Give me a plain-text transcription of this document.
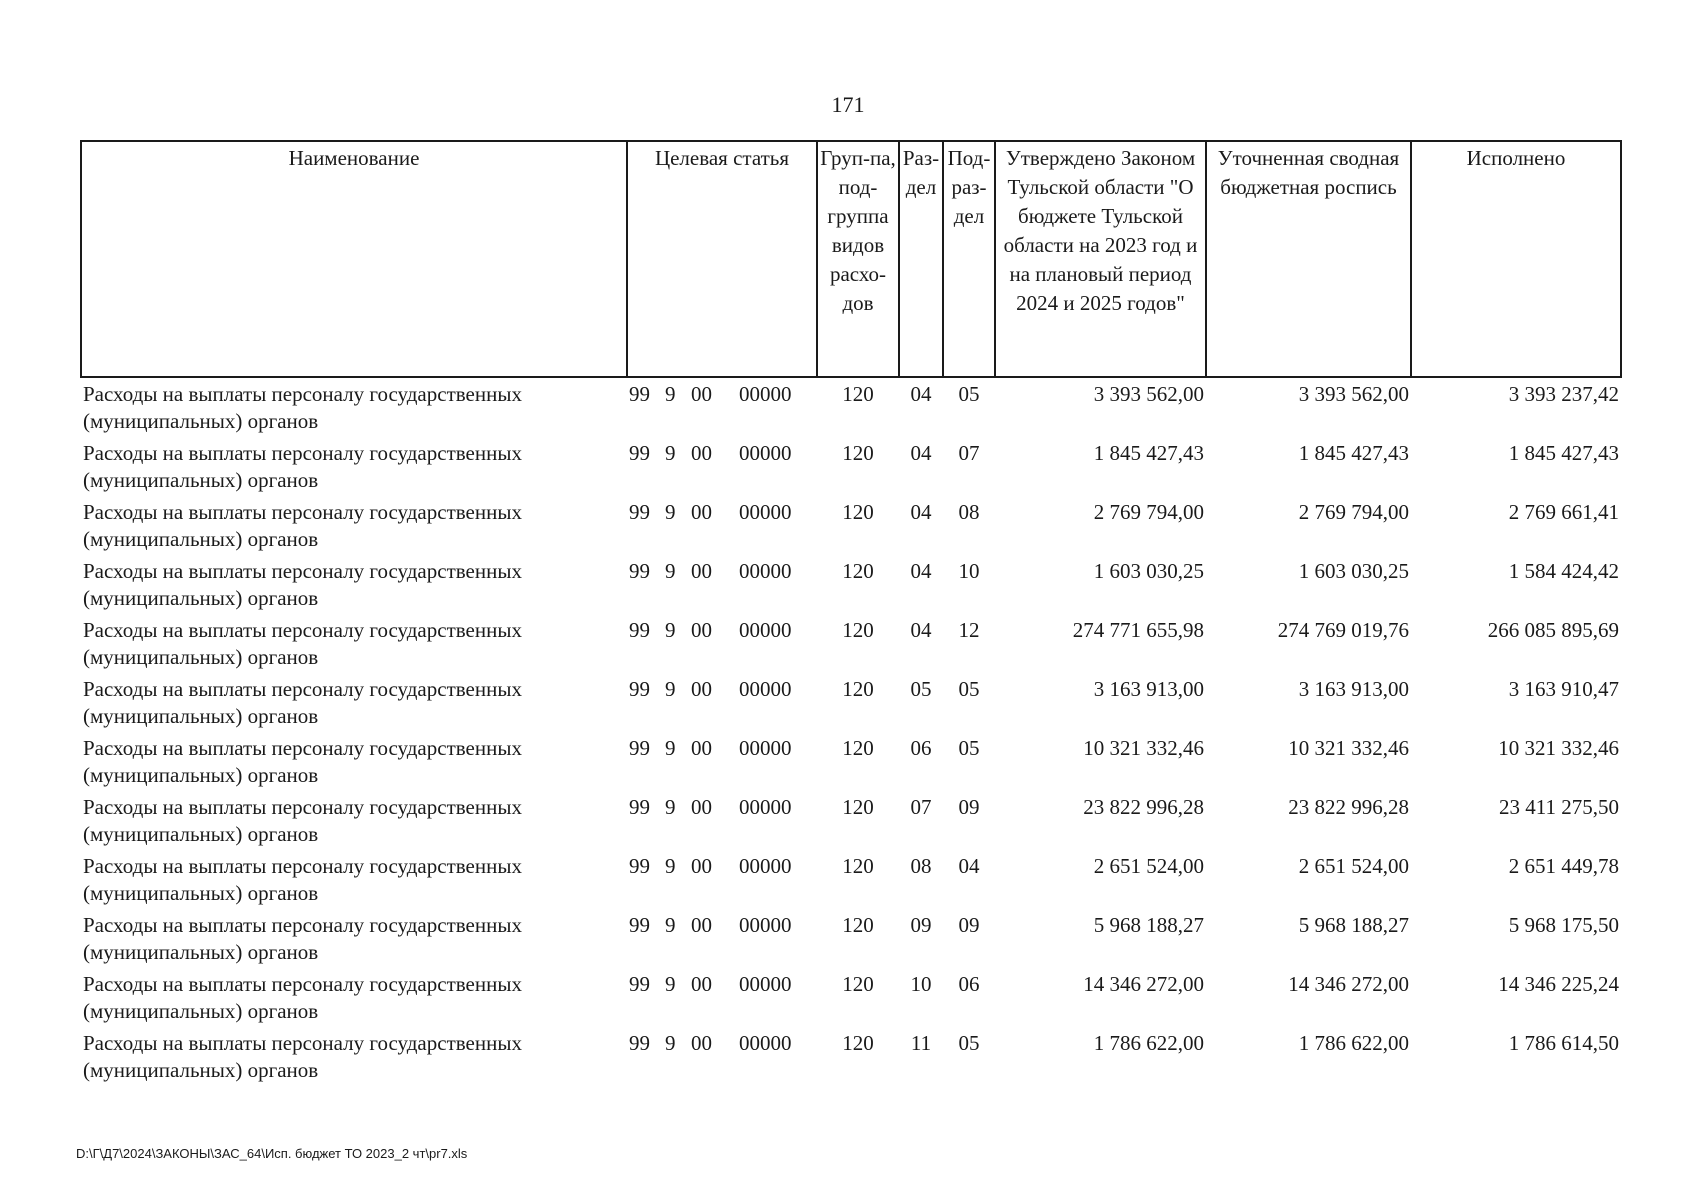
171
Наименование	Целевая статья	Груп-па, под-группа видов расхо-дов	Раз-дел	Под-раз-дел	Утверждено Законом Тульской области "О бюджете Тульской области на 2023 год и на плановый период 2024 и 2025 годов"	Уточненная сводная бюджетная роспись	Исполнено
Расходы на выплаты персоналу государственных (муниципальных) органов	99 9 00 00000	120	04	05	3 393 562,00	3 393 562,00	3 393 237,42
Расходы на выплаты персоналу государственных (муниципальных) органов	99 9 00 00000	120	04	07	1 845 427,43	1 845 427,43	1 845 427,43
Расходы на выплаты персоналу государственных (муниципальных) органов	99 9 00 00000	120	04	08	2 769 794,00	2 769 794,00	2 769 661,41
Расходы на выплаты персоналу государственных (муниципальных) органов	99 9 00 00000	120	04	10	1 603 030,25	1 603 030,25	1 584 424,42
Расходы на выплаты персоналу государственных (муниципальных) органов	99 9 00 00000	120	04	12	274 771 655,98	274 769 019,76	266 085 895,69
Расходы на выплаты персоналу государственных (муниципальных) органов	99 9 00 00000	120	05	05	3 163 913,00	3 163 913,00	3 163 910,47
Расходы на выплаты персоналу государственных (муниципальных) органов	99 9 00 00000	120	06	05	10 321 332,46	10 321 332,46	10 321 332,46
Расходы на выплаты персоналу государственных (муниципальных) органов	99 9 00 00000	120	07	09	23 822 996,28	23 822 996,28	23 411 275,50
Расходы на выплаты персоналу государственных (муниципальных) органов	99 9 00 00000	120	08	04	2 651 524,00	2 651 524,00	2 651 449,78
Расходы на выплаты персоналу государственных (муниципальных) органов	99 9 00 00000	120	09	09	5 968 188,27	5 968 188,27	5 968 175,50
Расходы на выплаты персоналу государственных (муниципальных) органов	99 9 00 00000	120	10	06	14 346 272,00	14 346 272,00	14 346 225,24
Расходы на выплаты персоналу государственных (муниципальных) органов	99 9 00 00000	120	11	05	1 786 622,00	1 786 622,00	1 786 614,50
D:\Г\Д7\2024\ЗАКОНЫ\ЗАС_64\Исп. бюджет ТО 2023_2 чт\pr7.xls
